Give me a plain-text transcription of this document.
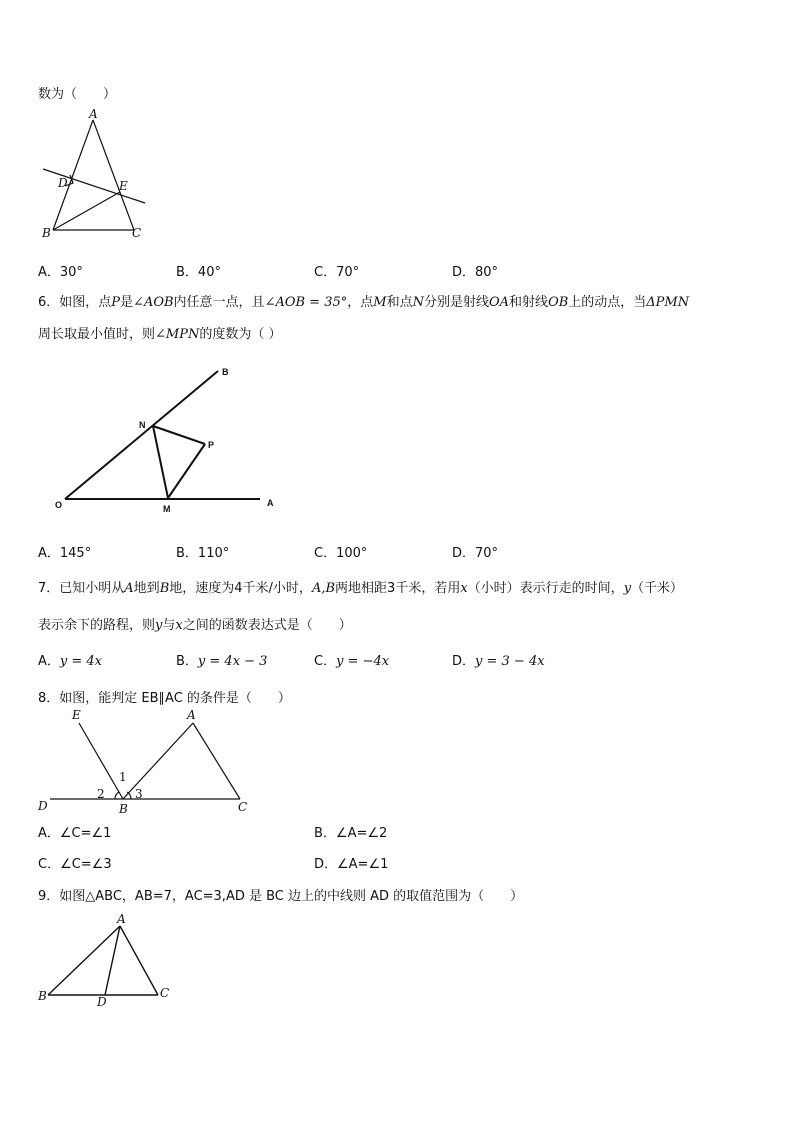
数为（　　）
A
D	E
B	C
A．30°	B．40°	C．70°	D．80°
6．如图，点P是∠AOB内任意一点，且∠AOB = 35°，点M和点N分别是射线OA和射线OB上的动点，当ΔPMN
周长取最小值时，则∠MPN的度数为（ ）
O	A
B
M
N
P
A．145°	B．110°	C．100°	D．70°
7．已知小明从A地到B地，速度为4千米/小时，A,B两地相距3千米，若用x（小时）表示行走的时间，y（千米）
表示余下的路程，则y与x之间的函数表达式是（　　）
A．y = 4x	B．y = 4x − 3	C．y = −4x	D．y = 3 − 4x
8．如图，能判定 EB∥AC 的条件是（　　）
E	A
D	B	C
1
2	3
A．∠C=∠1	B．∠A=∠2
C．∠C=∠3	D．∠A=∠1
9．如图△ABC，AB=7，AC=3,AD 是 BC 边上的中线则 AD 的取值范围为（　　）
A
B	C
D
